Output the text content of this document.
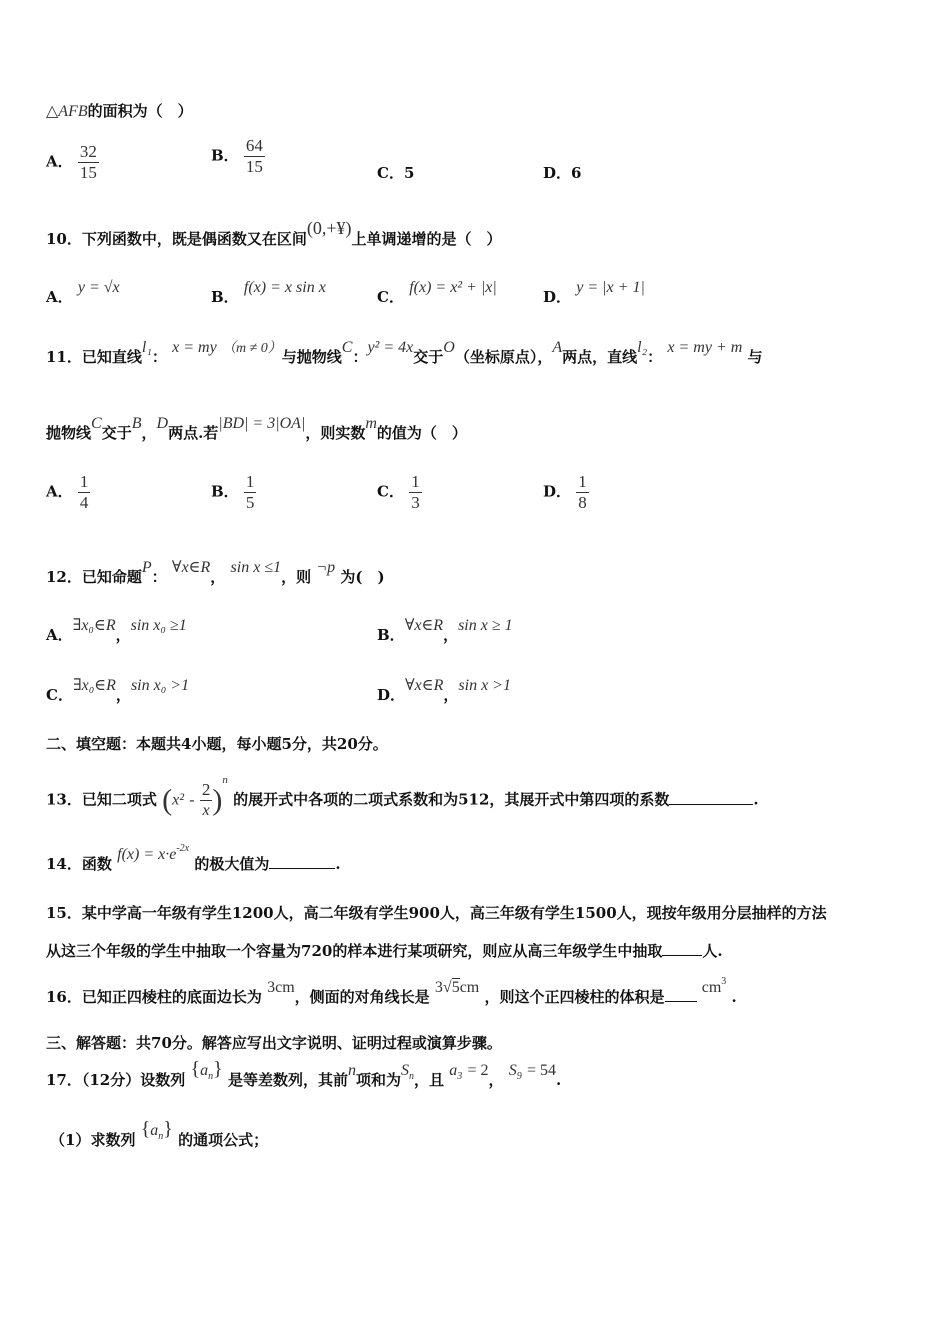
△AFB的面积为（　）
A． $\frac{32}{15}$	B． $\frac{64}{15}$	C．5	D．6
10．下列函数中，既是偶函数又在区间(0,+¥)上单调递增的是（　）
A． y = √x
B． f(x) = x sin x
C． f(x) = x² + |x|
D． y = |x + 1|
11．已知直线l₁： x = my （m ≠ 0）与抛物线C：y² = 4x交于O（坐标原点），A两点，直线l₂： x = my + m 与
抛物线C交于B，D两点.若|BD| = 3|OA|，则实数m的值为（　）
A． $\frac{1}{4}$	B． $\frac{1}{5}$	C． $\frac{1}{3}$	D． $\frac{1}{8}$
12．已知命题P： ∀x∈R， sin x ≤1，则 ¬p 为(　)
A．∃x₀∈R，sin x₀ ≥1
B．∀x∈R，sin x ≥ 1
C．∃x₀∈R，sin x₀ >1
D．∀x∈R，sin x >1
二、填空题：本题共4小题，每小题5分，共20分。
13．已知二项式 $(x^2 - \frac{2}{x} )^n$ 的展开式中各项的二项式系数和为512，其展开式中第四项的系数	.
14．函数 $f(x) = x\cdot e^{-2x}$ 的极大值为	.
15．某中学高一年级有学生1200人，高二年级有学生900人，高三年级有学生1500人，现按年级用分层抽样的方法
从这三个年级的学生中抽取一个容量为720的样本进行某项研究，则应从高三年级学生中抽取	人.
16．已知正四棱柱的底面边长为 3cm，侧面的对角线长是 3√5cm ，则这个正四棱柱的体积是 $cm^3$ .
三、解答题：共70分。解答应写出文字说明、证明过程或演算步骤。
17．（12分）设数列 $\{a_n\}$ 是等差数列，其前n项和为$S_n$，且 $a_3 = 2$， $S_9 = 54$.
（1）求数列 $\{a_n\}$ 的通项公式；
